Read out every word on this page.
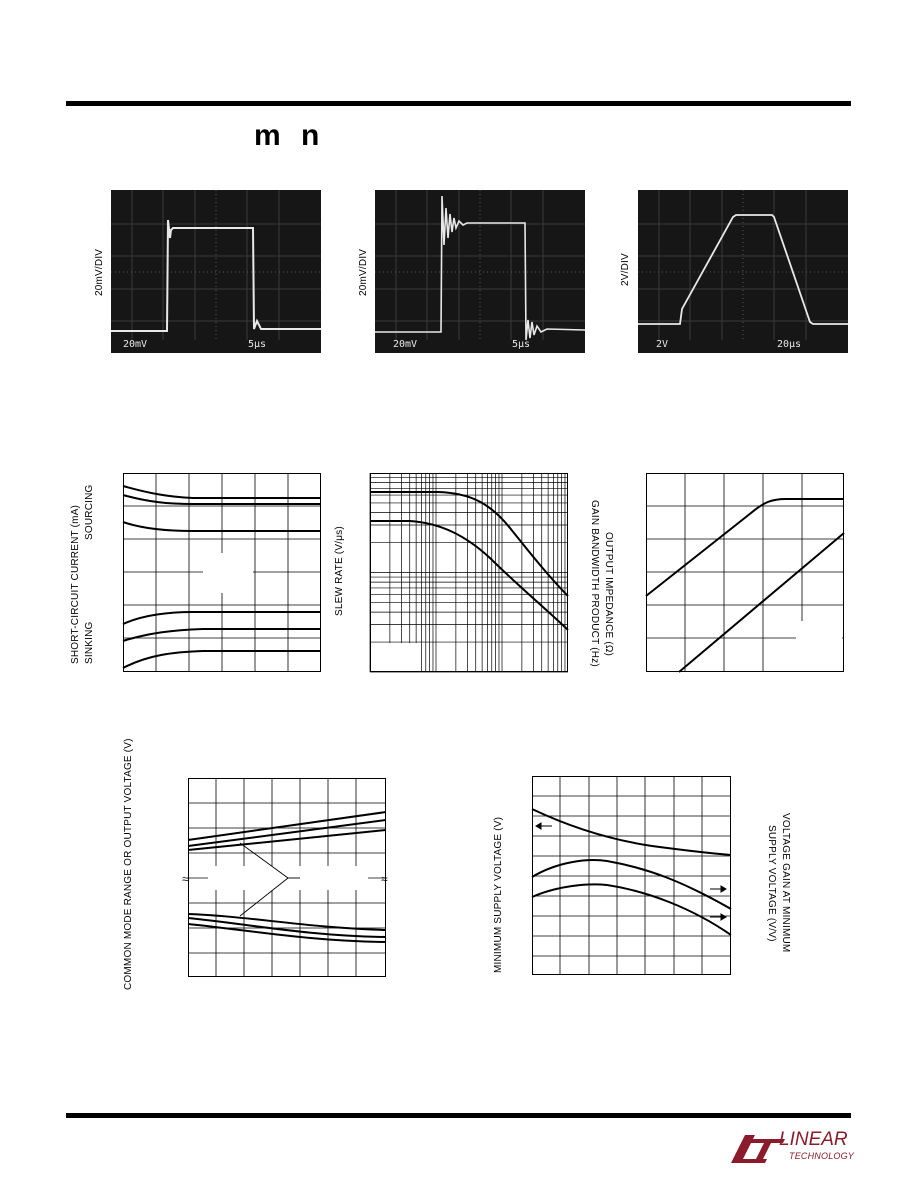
m n
20mV/DIV
20mV	5μs
20mV/DIV
20mV	5μs
2V/DIV
2V	20μs
SHORT-CIRCUIT CURRENT (mA) SINKING
SOURCING
SLEW RATE (V/μs)	GAIN BANDWIDTH PRODUCT (Hz) OUTPUT IMPEDANCE (Ω)
COMMON MODE RANGE OR OUTPUT VOLTAGE (V)	≈	≈	MINIMUM SUPPLY VOLTAGE (V)	VOLTAGE GAIN AT MINIMUM
SUPPLY VOLTAGE (V/V)
LINEAR
TECHNOLOGY
